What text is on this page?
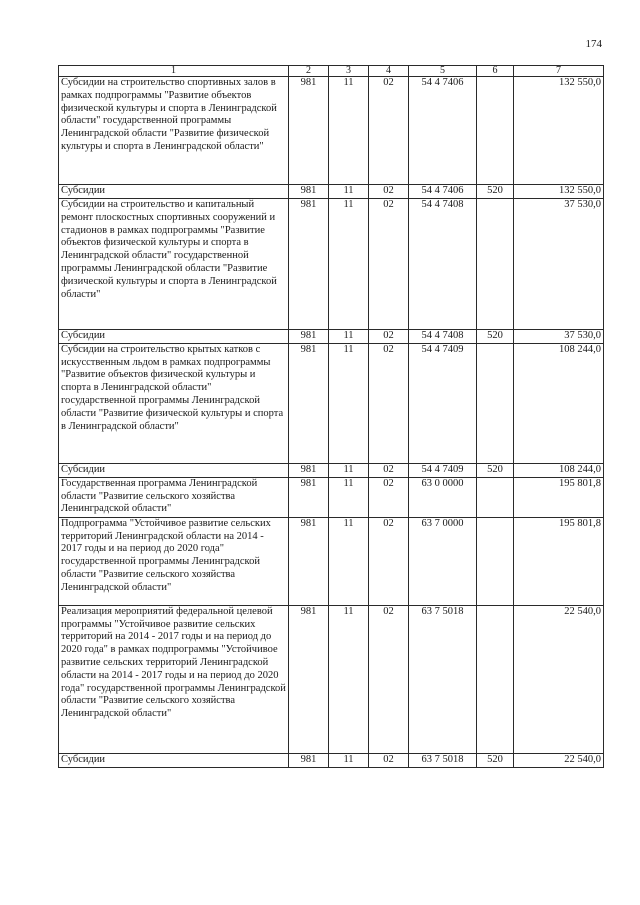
174
1	2	3	4	5	6	7
Субсидии на строительство спортивных залов в рамках подпрограммы "Развитие объектов физической культуры и спорта в Ленинградской области" государственной программы Ленинградской области "Развитие физической культуры и спорта в Ленинградской области"	981	11	02	54 4 7406		132 550,0
Субсидии	981	11	02	54 4 7406	520	132 550,0
Субсидии на строительство и капитальный ремонт плоскостных спортивных сооружений и стадионов в рамках подпрограммы "Развитие объектов физической культуры и спорта в Ленинградской области" государственной программы Ленинградской области "Развитие физической культуры и спорта в Ленинградской области"	981	11	02	54 4 7408		37 530,0
Субсидии	981	11	02	54 4 7408	520	37 530,0
Субсидии на строительство крытых катков с искусственным льдом в рамках подпрограммы "Развитие объектов физической культуры и спорта в Ленинградской области" государственной программы Ленинградской области "Развитие физической культуры и спорта в Ленинградской области"	981	11	02	54 4 7409		108 244,0
Субсидии	981	11	02	54 4 7409	520	108 244,0
Государственная программа Ленинградской области "Развитие сельского хозяйства Ленинградской области"	981	11	02	63 0 0000		195 801,8
Подпрограмма "Устойчивое развитие сельских территорий Ленинградской области на 2014 - 2017 годы и на период до 2020 года" государственной программы Ленинградской области "Развитие сельского хозяйства Ленинградской области"	981	11	02	63 7 0000		195 801,8
Реализация мероприятий федеральной целевой программы "Устойчивое развитие сельских территорий на 2014 - 2017 годы и на период до 2020 года" в рамках подпрограммы "Устойчивое развитие сельских территорий Ленинградской области на 2014 - 2017 годы и на период до 2020 года" государственной программы Ленинградской области "Развитие сельского хозяйства Ленинградской области"	981	11	02	63 7 5018		22 540,0
Субсидии	981	11	02	63 7 5018	520	22 540,0
